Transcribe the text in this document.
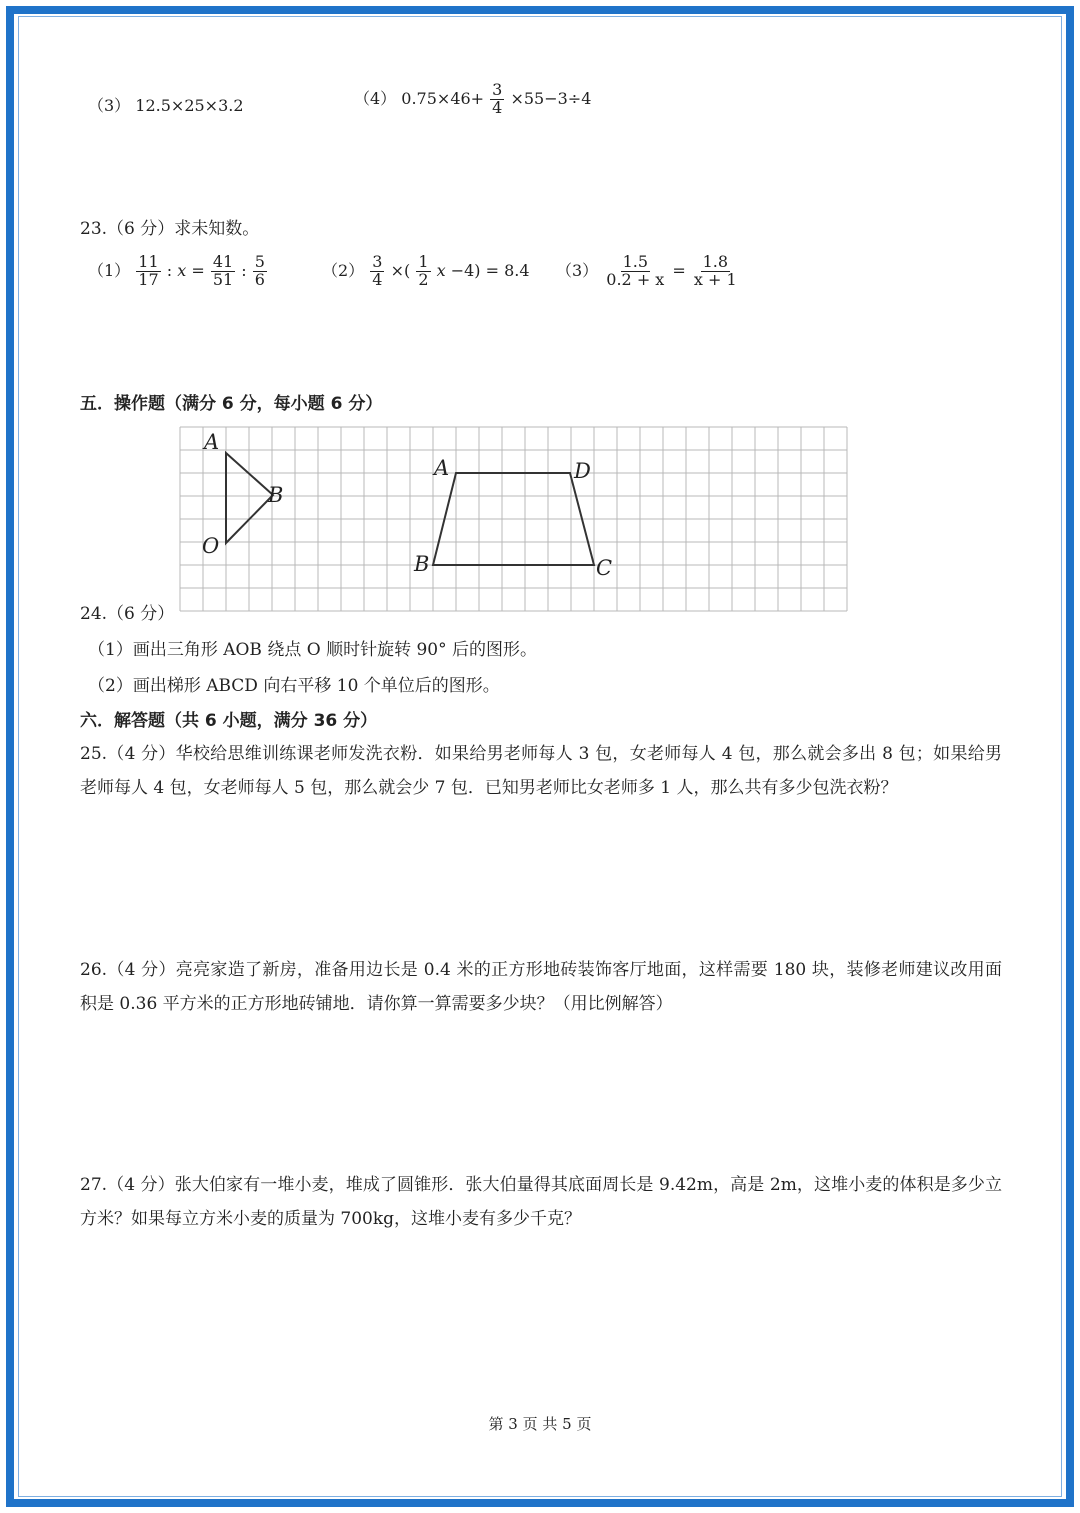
（3） 12.5×25×3.2	（4） $0.75\times 46+ \frac{3}{4} \times 55-3\div 4$
23.（6 分）求未知数。
$(1) \frac{11}{17}$ : $x = \frac{41}{51}$ : $\frac{5}{6}$	$(2) \frac{3}{4}$ ×( $\frac{1}{2}$ x −4) = 8.4 $(3) \frac{1.5}{0.2 + x} = \frac{1.8}{x + 1}$
五．操作题（满分 6 分，每小题 6 分）
A
B
O
A	D
B	C
24.（6 分）
（1）画出三角形 AOB 绕点 O 顺时针旋转 90° 后的图形。
（2）画出梯形 ABCD 向右平移 10 个单位后的图形。
六．解答题（共 6 小题，满分 36 分）
25.（4 分）华校给思维训练课老师发洗衣粉．如果给男老师每人 3 包，女老师每人 4 包，那么就会多出 8 包；如果给男老师每人 4 包，女老师每人 5 包，那么就会少 7 包．已知男老师比女老师多 1 人，那么共有多少包洗衣粉？
26.（4 分）亮亮家造了新房，准备用边长是 0.4 米的正方形地砖装饰客厅地面，这样需要 180 块，装修老师建议改用面积是 0.36 平方米的正方形地砖铺地．请你算一算需要多少块？（用比例解答）
27.（4 分）张大伯家有一堆小麦，堆成了圆锥形．张大伯量得其底面周长是 9.42m，高是 2m，这堆小麦的体积是多少立方米？如果每立方米小麦的质量为 700kg，这堆小麦有多少千克？
第 3 页 共 5 页
